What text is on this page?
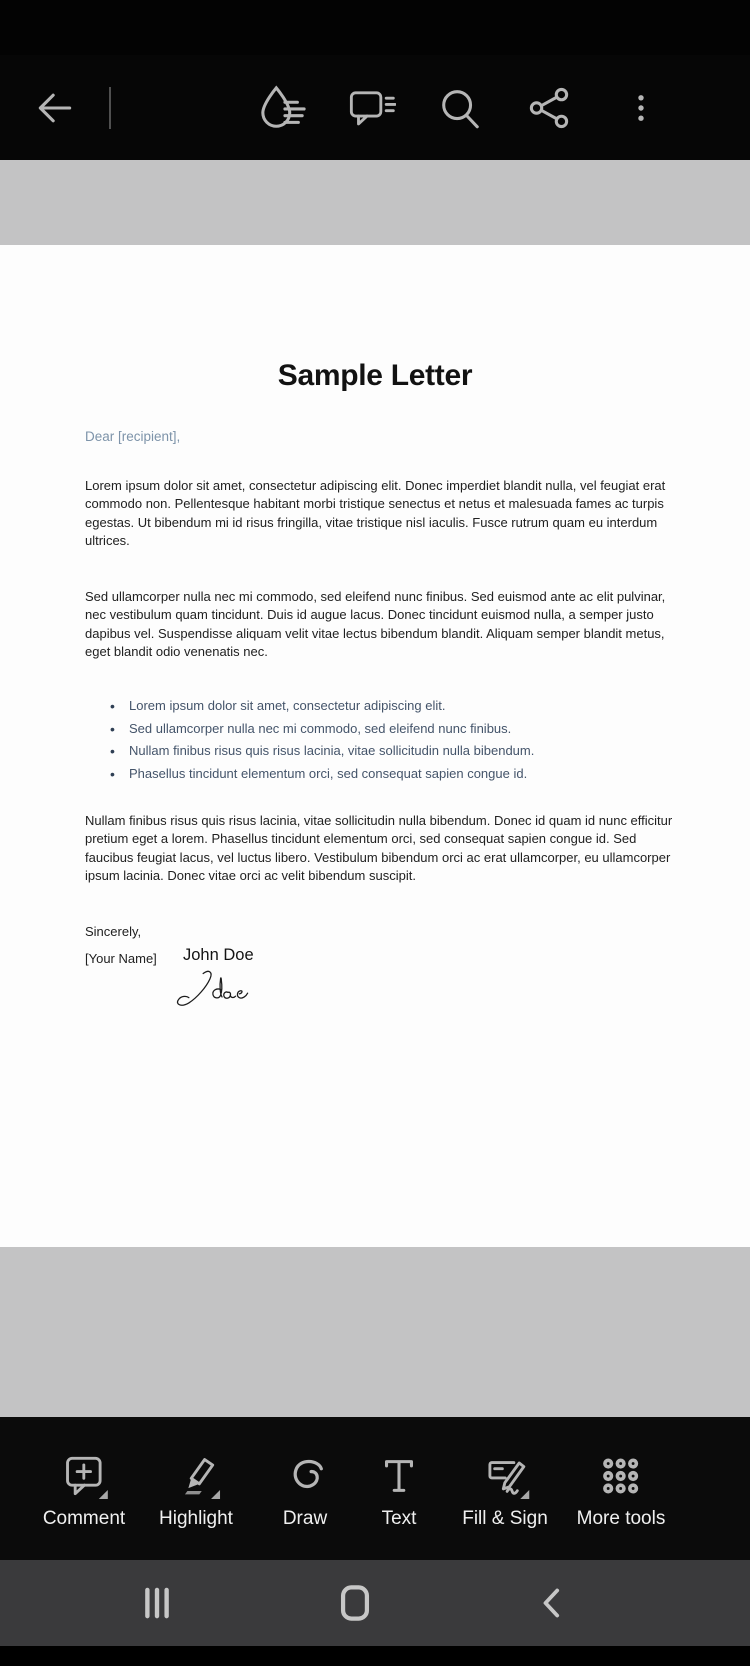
Sample Letter
Dear [recipient],
Lorem ipsum dolor sit amet, consectetur adipiscing elit. Donec imperdiet blandit nulla, vel feugiat erat commodo non. Pellentesque habitant morbi tristique senectus et netus et malesuada fames ac turpis egestas. Ut bibendum mi id risus fringilla, vitae tristique nisl iaculis. Fusce rutrum quam eu interdum ultrices.
Sed ullamcorper nulla nec mi commodo, sed eleifend nunc finibus. Sed euismod ante ac elit pulvinar, nec vestibulum quam tincidunt. Duis id augue lacus. Donec tincidunt euismod nulla, a semper justo dapibus vel. Suspendisse aliquam velit vitae lectus bibendum blandit. Aliquam semper blandit metus, eget blandit odio venenatis nec.
• Lorem ipsum dolor sit amet, consectetur adipiscing elit.
• Sed ullamcorper nulla nec mi commodo, sed eleifend nunc finibus.
• Nullam finibus risus quis risus lacinia, vitae sollicitudin nulla bibendum.
• Phasellus tincidunt elementum orci, sed consequat sapien congue id.
Nullam finibus risus quis risus lacinia, vitae sollicitudin nulla bibendum. Donec id quam id nunc efficitur pretium eget a lorem. Phasellus tincidunt elementum orci, sed consequat sapien congue id. Sed faucibus feugiat lacus, vel luctus libero. Vestibulum bibendum orci ac erat ullamcorper, eu ullamcorper ipsum lacinia. Donec vitae orci ac velit bibendum suscipit.
Sincerely,
[Your Name] John Doe
Comment Highlight	Draw	Text Fill & Sign More tools
